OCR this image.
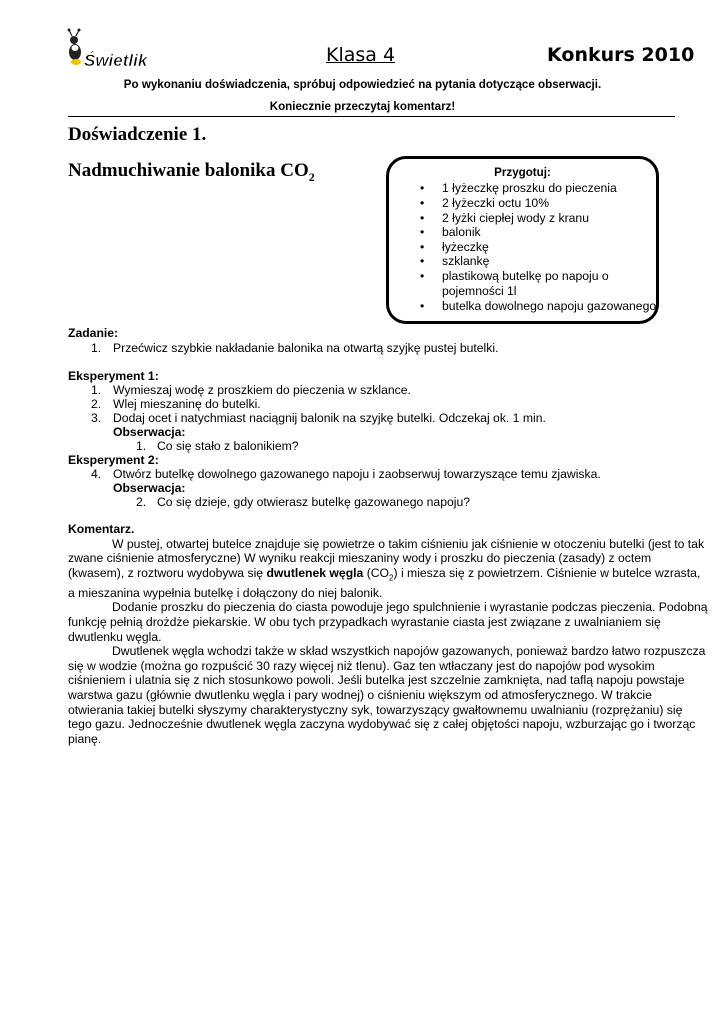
Świetlik	Klasa 4	Konkurs 2010
Po wykonaniu doświadczenia, spróbuj odpowiedzieć na pytania dotyczące obserwacji.
Koniecznie przeczytaj komentarz!
Doświadczenie 1.
Nadmuchiwanie balonika $CO_2$	Przygotuj:
• 1 łyżeczkę proszku do pieczenia
• 2 łyżeczki octu 10%
• 2 łyżki ciepłej wody z kranu
• balonik
• łyżeczkę
• szklankę
• plastikową butelkę po napoju o
pojemności 1l
• butelka dowolnego napoju gazowanego
Zadanie:
1. Przećwicz szybkie nakładanie balonika na otwartą szyjkę pustej butelki.
Eksperyment 1:
1. Wymieszaj wodę z proszkiem do pieczenia w szklance.
2. Wlej mieszaninę do butelki.
3. Dodaj ocet i natychmiast naciągnij balonik na szyjkę butelki. Odczekaj ok. 1 min.
Obserwacja:
1. Co się stało z balonikiem?
Eksperyment 2:
4. Otwórz butelkę dowolnego gazowanego napoju i zaobserwuj towarzyszące temu zjawiska.
Obserwacja:
2. Co się dzieje, gdy otwierasz butelkę gazowanego napoju?
Komentarz.

W pustej, otwartej butelce znajduje się powietrze o takim ciśnieniu jak ciśnienie w otoczeniu butelki (jest to tak zwane ciśnienie atmosferyczne) W wyniku reakcji mieszaniny wody i proszku do pieczenia (zasady) z octem (kwasem), z roztworu wydobywa się dwutlenek węgla $(CO_2)$ i miesza się z powietrzem. Ciśnienie w butelce wzrasta, a mieszanina wypełnia butelkę i dołączony do niej balonik.

Dodanie proszku do pieczenia do ciasta powoduje jego spulchnienie i wyrastanie podczas pieczenia. Podobną funkcję pełnią drożdże piekarskie. W obu tych przypadkach wyrastanie ciasta jest związane z uwalnianiem się dwutlenku węgla.

Dwutlenek węgla wchodzi także w skład wszystkich napojów gazowanych, ponieważ bardzo łatwo rozpuszcza się w wodzie (można go rozpuścić 30 razy więcej niż tlenu). Gaz ten wtłaczany jest do napojów pod wysokim ciśnieniem i ulatnia się z nich stosunkowo powoli. Jeśli butelka jest szczelnie zamknięta, nad taflą napoju powstaje warstwa gazu (głównie dwutlenku węgla i pary wodnej) o ciśnieniu większym od atmosferycznego. W trakcie otwierania takiej butelki słyszymy charakterystyczny syk, towarzyszący gwałtownemu uwalnianiu (rozprężaniu) się tego gazu. Jednocześnie dwutlenek węgla zaczyna wydobywać się z całej objętości napoju, wzburzając go i tworząc pianę.
